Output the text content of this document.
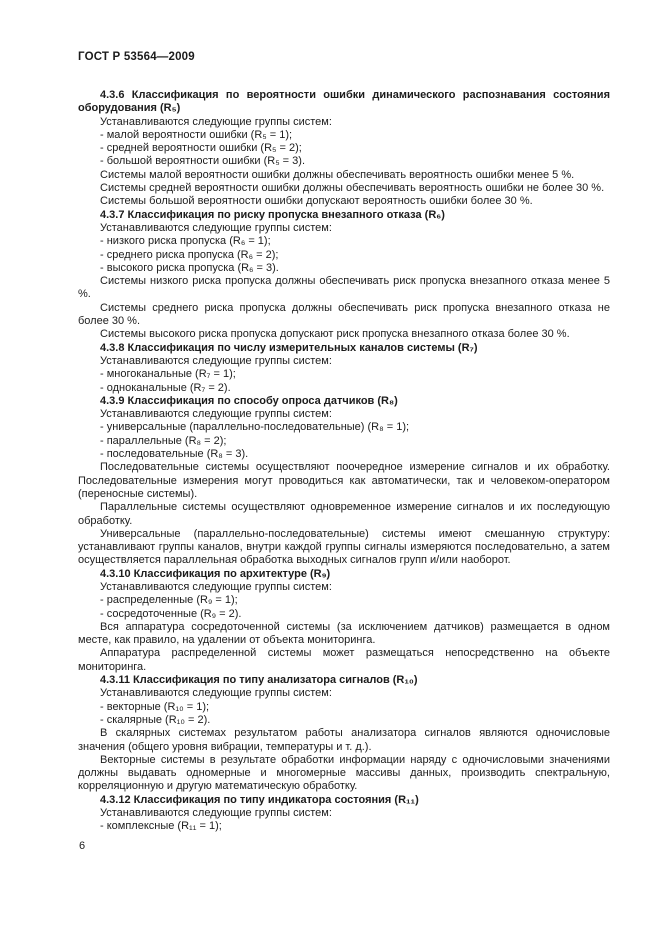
ГОСТ Р 53564—2009

4.3.6 Классификация по вероятности ошибки динамического распознавания состояния оборудования (R₅)

Устанавливаются следующие группы систем:

- малой вероятности ошибки (R₅ = 1);

- средней вероятности ошибки (R₅ = 2);

- большой вероятности ошибки (R₅ = 3).

Системы малой вероятности ошибки должны обеспечивать вероятность ошибки менее 5 %.

Системы средней вероятности ошибки должны обеспечивать вероятность ошибки не более 30 %.

Системы большой вероятности ошибки допускают вероятность ошибки более 30 %.

4.3.7 Классификация по риску пропуска внезапного отказа (R₆)

Устанавливаются следующие группы систем:

- низкого риска пропуска (R₆ = 1);

- среднего риска пропуска (R₆ = 2);

- высокого риска пропуска (R₆ = 3).

Системы низкого риска пропуска должны обеспечивать риск пропуска внезапного отказа менее 5 %.

Системы среднего риска пропуска должны обеспечивать риск пропуска внезапного отказа не более 30 %.

Системы высокого риска пропуска допускают риск пропуска внезапного отказа более 30 %.

4.3.8 Классификация по числу измерительных каналов системы (R₇)

Устанавливаются следующие группы систем:

- многоканальные (R₇ = 1);

- одноканальные (R₇ = 2).

4.3.9 Классификация по способу опроса датчиков (R₈)

Устанавливаются следующие группы систем:

- универсальные (параллельно-последовательные) (R₈ = 1);

- параллельные (R₈ = 2);

- последовательные (R₈ = 3).

Последовательные системы осуществляют поочередное измерение сигналов и их обработку. Последовательные измерения могут проводиться как автоматически, так и человеком-оператором (переносные системы).

Параллельные системы осуществляют одновременное измерение сигналов и их последующую обработку.

Универсальные (параллельно-последовательные) системы имеют смешанную структуру: устанавливают группы каналов, внутри каждой группы сигналы измеряются последовательно, а затем осуществляется параллельная обработка выходных сигналов групп и/или наоборот.

4.3.10 Классификация по архитектуре (R₉)

Устанавливаются следующие группы систем:

- распределенные (R₉ = 1);

- сосредоточенные (R₉ = 2).

Вся аппаратура сосредоточенной системы (за исключением датчиков) размещается в одном месте, как правило, на удалении от объекта мониторинга.

Аппаратура распределенной системы может размещаться непосредственно на объекте мониторинга.

4.3.11 Классификация по типу анализатора сигналов (R₁₀)

Устанавливаются следующие группы систем:

- векторные (R₁₀ = 1);

- скалярные (R₁₀ = 2).

В скалярных системах результатом работы анализатора сигналов являются одночисловые значения (общего уровня вибрации, температуры и т. д.).

Векторные системы в результате обработки информации наряду с одночисловыми значениями должны выдавать одномерные и многомерные массивы данных, производить спектральную, корреляционную и другую математическую обработку.

4.3.12 Классификация по типу индикатора состояния (R₁₁)

Устанавливаются следующие группы систем:

- комплексные (R₁₁ = 1);

6
